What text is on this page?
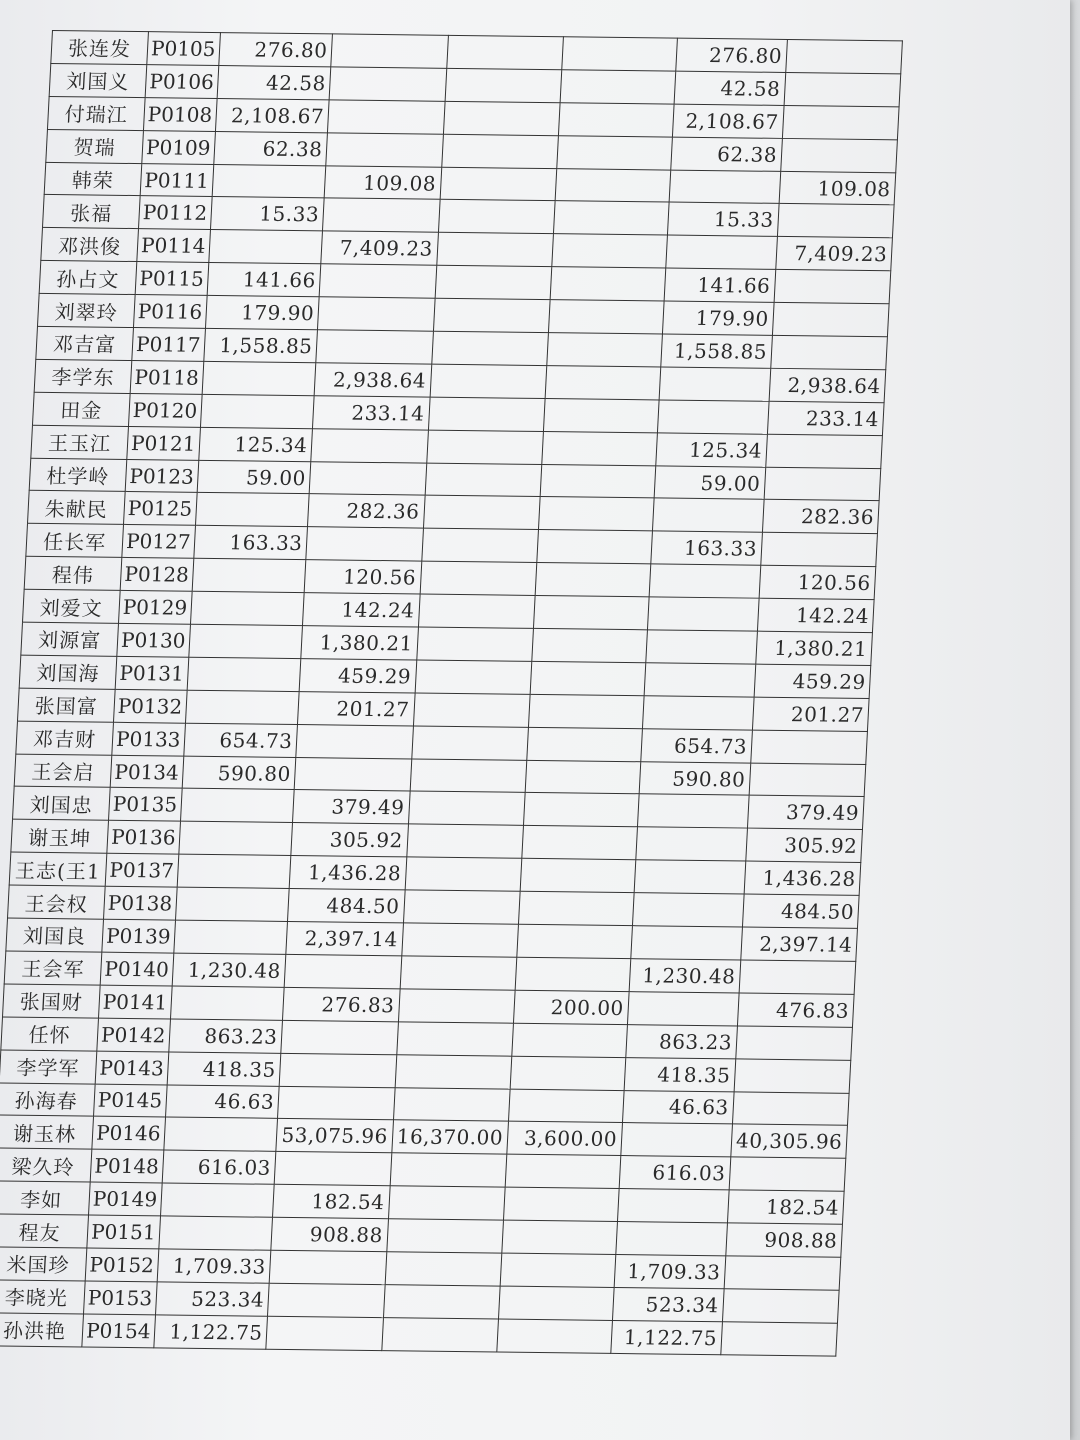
张连发	P0105	276.80				276.80	
刘国义	P0106	42.58				42.58	
付瑞江	P0108	2,108.67				2,108.67	
贺瑞	P0109	62.38				62.38	
韩荣	P0111		109.08				109.08
张福	P0112	15.33				15.33	
邓洪俊	P0114		7,409.23				7,409.23
孙占文	P0115	141.66				141.66	
刘翠玲	P0116	179.90				179.90	
邓吉富	P0117	1,558.85				1,558.85	
李学东	P0118		2,938.64				2,938.64
田金	P0120		233.14				233.14
王玉江	P0121	125.34				125.34	
杜学岭	P0123	59.00				59.00	
朱献民	P0125		282.36				282.36
任长军	P0127	163.33				163.33	
程伟	P0128		120.56				120.56
刘爱文	P0129		142.24				142.24
刘源富	P0130		1,380.21				1,380.21
刘国海	P0131		459.29				459.29
张国富	P0132		201.27				201.27
邓吉财	P0133	654.73				654.73	
王会启	P0134	590.80				590.80	
刘国忠	P0135		379.49				379.49
谢玉坤	P0136		305.92				305.92
王志(王1	P0137		1,436.28				1,436.28
王会权	P0138		484.50				484.50
刘国良	P0139		2,397.14				2,397.14
王会军	P0140	1,230.48				1,230.48	
张国财	P0141		276.83		200.00		476.83
任怀	P0142	863.23				863.23	
李学军	P0143	418.35				418.35	
孙海春	P0145	46.63				46.63	
谢玉林	P0146		53,075.96	16,370.00	3,600.00		40,305.96
梁久玲	P0148	616.03				616.03	
李如	P0149		182.54				182.54
程友	P0151		908.88				908.88
米国珍	P0152	1,709.33				1,709.33	
李晓光	P0153	523.34				523.34	
孙洪艳	P0154	1,122.75				1,122.75	
